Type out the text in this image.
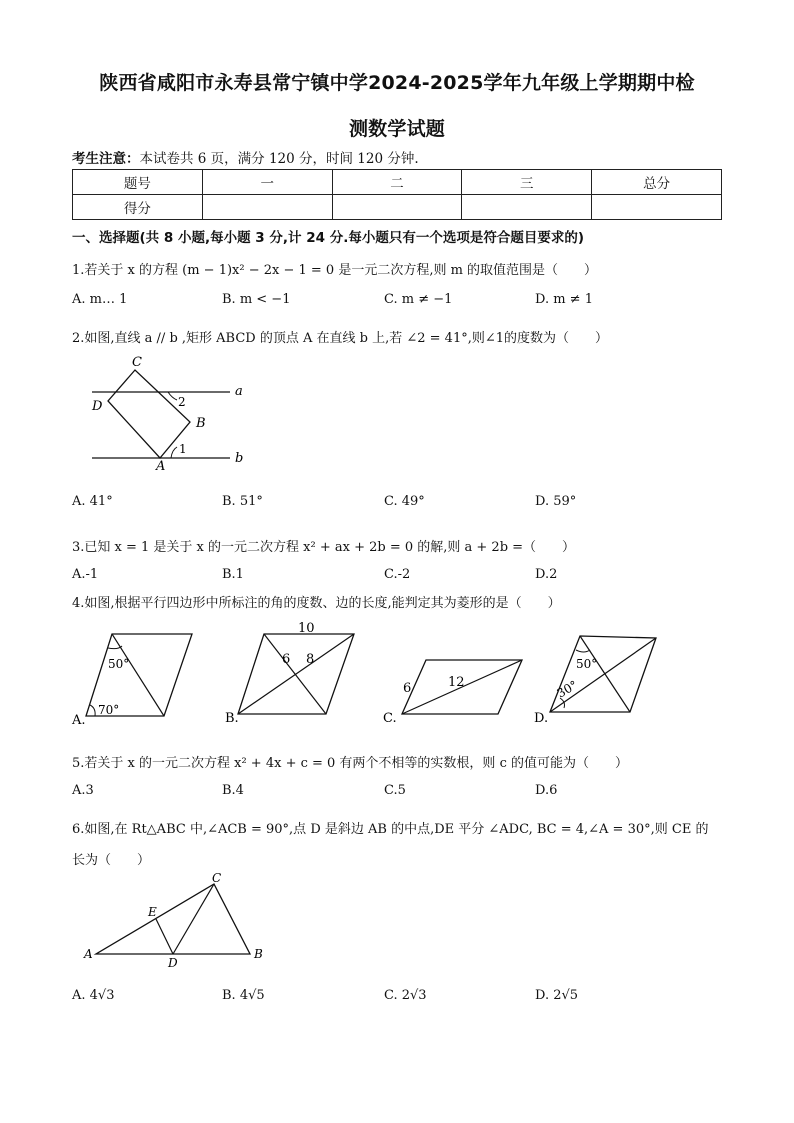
陕西省咸阳市永寿县常宁镇中学2024-2025学年九年级上学期期中检
测数学试题
考生注意：本试卷共 6 页，满分 120 分，时间 120 分钟.
题号	一	二	三	总分
得分				
一、选择题(共 8 小题,每小题 3 分,计 24 分.每小题只有一个选项是符合题目要求的)
1.若关于 x 的方程 (m − 1)x² − 2x − 1 = 0 是一元二次方程,则 m 的取值范围是（　　）
A. m… 1	B. m < −1	C. m ≠ −1	D. m ≠ 1
2.如图,直线 a // b ,矩形 ABCD 的顶点 A 在直线 b 上,若 ∠2 = 41°,则∠1的度数为（　　）
C
D
B
A
a
b
2
1
A. 41°	B. 51°	C. 49°	D. 59°
3.已知 x = 1 是关于 x 的一元二次方程 x² + ax + 2b = 0 的解,则 a + 2b =（　　）
A.-1	B.1	C.-2	D.2
4.如图,根据平行四边形中所标注的角的度数、边的长度,能判定其为菱形的是（　　）
A.
50°
70°
B.
10
6 8
C.
6	12
D.
50°
30°
5.若关于 x 的一元二次方程 x² + 4x + c = 0 有两个不相等的实数根，则 c 的值可能为（　　）
A.3	B.4	C.5	D.6
6.如图,在 Rt△ABC 中,∠ACB = 90°,点 D 是斜边 AB 的中点,DE 平分 ∠ADC, BC = 4,∠A = 30°,则 CE 的
长为（　　）
A	B
C
D
E
A. 4√3	B. 4√5	C. 2√3	D. 2√5
